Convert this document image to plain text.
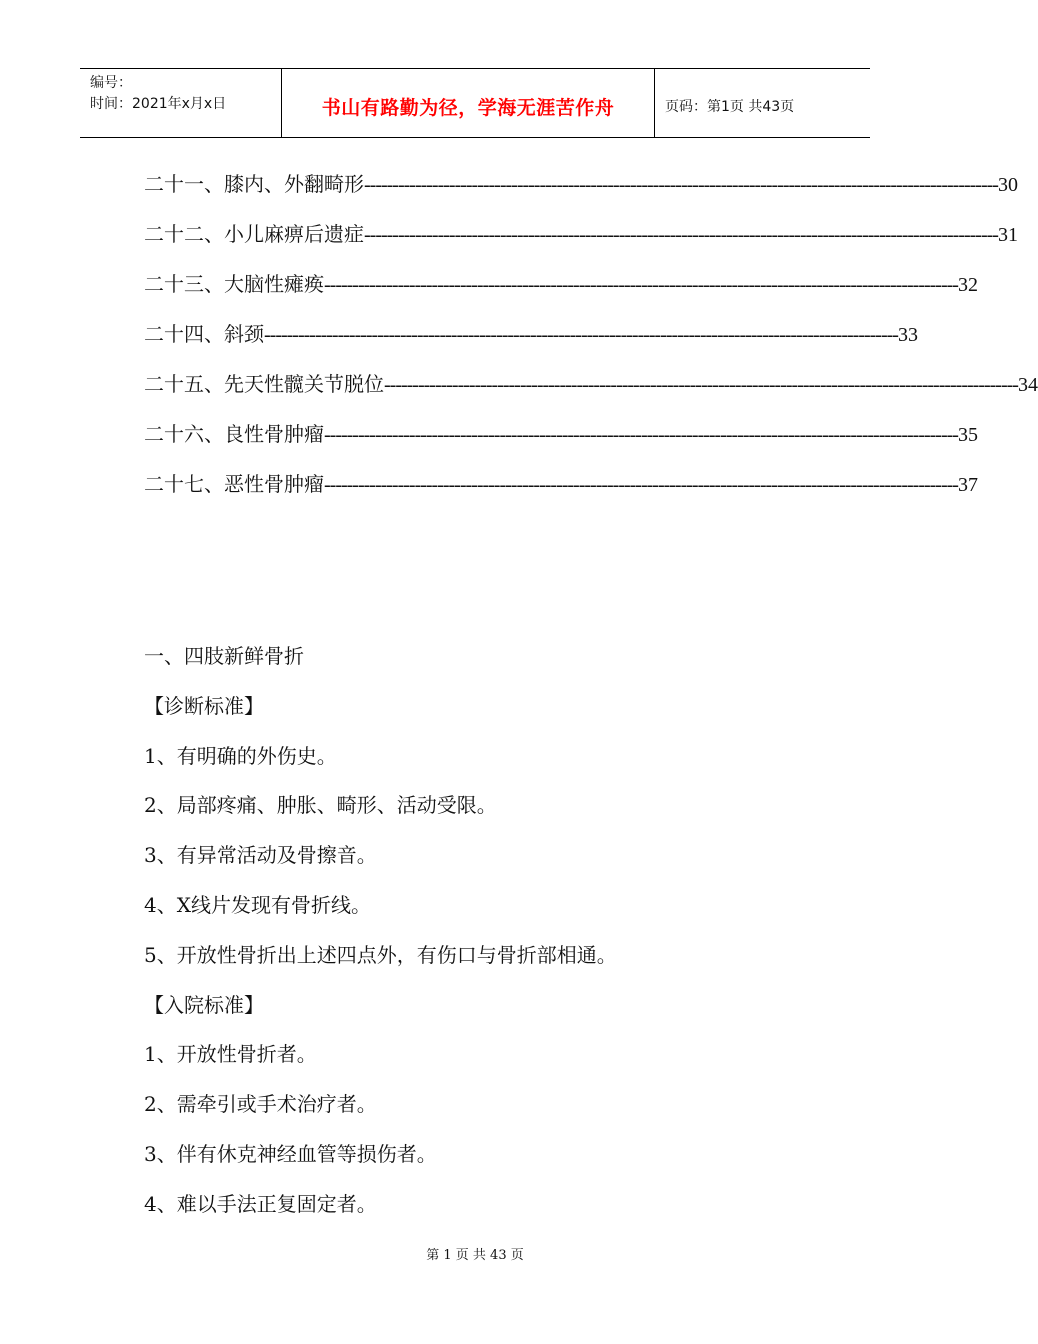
编号：
时间：2021年x月x日	书山有路勤为径，学海无涯苦作舟	页码：第1页 共43页
二十一、膝内、外翻畸形 ---------------------------------------------------------------------------------------------------------------- 30
二十二、小儿麻痹后遗症 ---------------------------------------------------------------------------------------------------------------- 31
二十三、大脑性瘫痪 ---------------------------------------------------------------------------------------------------------------- 32
二十四、斜颈 ---------------------------------------------------------------------------------------------------------------- 33
二十五、先天性髋关节脱位 ---------------------------------------------------------------------------------------------------------------- 34
二十六、良性骨肿瘤 ---------------------------------------------------------------------------------------------------------------- 35
二十七、恶性骨肿瘤 ---------------------------------------------------------------------------------------------------------------- 37
一、四肢新鲜骨折
【诊断标准】
1、有明确的外伤史。
2、局部疼痛、肿胀、畸形、活动受限。
3、有异常活动及骨擦音。
4、X线片发现有骨折线。
5、开放性骨折出上述四点外，有伤口与骨折部相通。
【入院标准】
1、开放性骨折者。
2、需牵引或手术治疗者。
3、伴有休克神经血管等损伤者。
4、难以手法正复固定者。
第 1 页 共 43 页
